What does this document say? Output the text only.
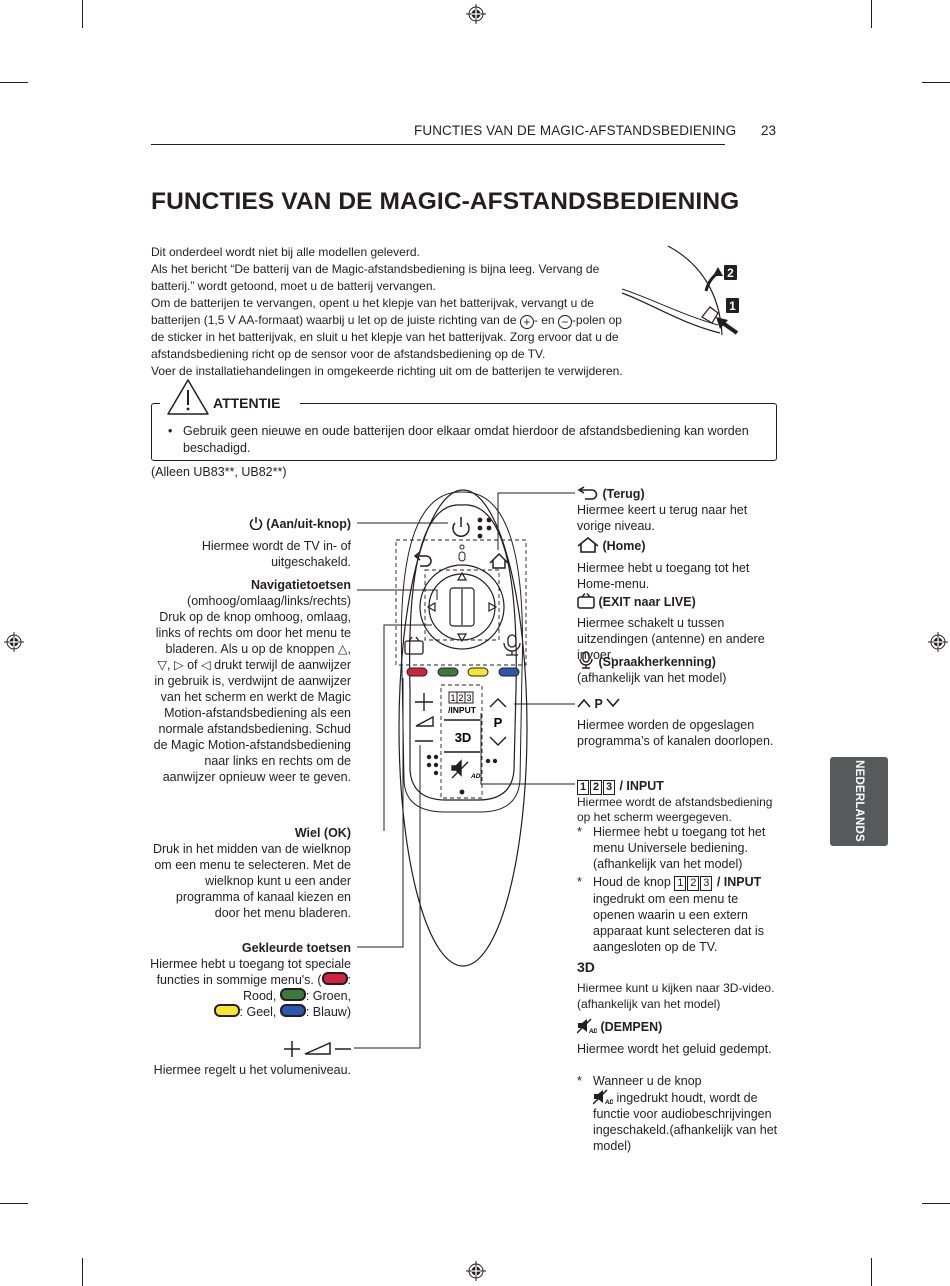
FUNCTIES VAN DE MAGIC-AFSTANDSBEDIENING 23
FUNCTIES VAN DE MAGIC-AFSTANDSBEDIENING

Dit onderdeel wordt niet bij alle modellen geleverd.

Als het bericht “De batterij van de Magic-afstandsbediening is bijna leeg. Vervang de batterij.” wordt getoond, moet u de batterij vervangen.

Om de batterijen te vervangen, opent u het klepje van het batterijvak, vervangt u de batterijen (1,5 V AA-formaat) waarbij u let op de juiste richting van de + - en − -polen op de sticker in het batterijvak, en sluit u het klepje van het batterijvak. Zorg ervoor dat u de afstandsbediening richt op de sensor voor de afstandsbediening op de TV.

Voer de installatiehandelingen in omgekeerde richting uit om de batterijen te verwijderen.

2
1
ATTENTIE
• Gebruik geen nieuwe en oude batterijen door elkaar omdat hierdoor de afstandsbediening kan worden beschadigd.
(Alleen UB83**, UB82**)
1 2 3
/INPUT
P
3D
AD
(Aan/uit-knop)
Hiermee wordt de TV in- of uitgeschakeld.
Navigatietoetsen
(omhoog/omlaag/links/rechts)
Druk op de knop omhoog, omlaag, links of rechts om door het menu te bladeren. Als u op de knoppen △, ▽, ▷ of ◁ drukt terwijl de aanwijzer in gebruik is, verdwijnt de aanwijzer van het scherm en werkt de Magic Motion-afstandsbediening als een normale afstandsbediening. Schud de Magic Motion-afstandsbediening naar links en rechts om de aanwijzer opnieuw weer te geven.
Wiel (OK)
Druk in het midden van de wielknop om een menu te selecteren. Met de wielknop kunt u een ander programma of kanaal kiezen en door het menu bladeren.
Gekleurde toetsen
Hiermee hebt u toegang tot speciale functies in sommige menu's. ( : Rood, : Groen,
: Geel, : Blauw)
Hiermee regelt u het volumeniveau.
(Terug)
Hiermee keert u terug naar het vorige niveau.
(Home)
Hiermee hebt u toegang tot het Home-menu.
(EXIT naar LIVE)
Hiermee schakelt u tussen uitzendingen (antenne) en andere invoer.
(Spraakherkenning)
(afhankelijk van het model)
P
Hiermee worden de opgeslagen programma’s of kanalen doorlopen.
1 2 3 / INPUT
Hiermee wordt de afstandsbediening op het scherm weergegeven.
* Hiermee hebt u toegang tot het menu Universele bediening. (afhankelijk van het model)
* Houd de knop 1 2 3 / INPUT ingedrukt om een menu te openen waarin u een extern apparaat kunt selecteren dat is aangesloten op de TV.
3D
Hiermee kunt u kijken naar 3D-video. (afhankelijk van het model)
AD (DEMPEN)
Hiermee wordt het geluid gedempt.
* Wanneer u de knop

AD ingedrukt houdt, wordt de functie voor audiobeschrijvingen ingeschakeld.(afhankelijk van het model)
NEDERLANDS
